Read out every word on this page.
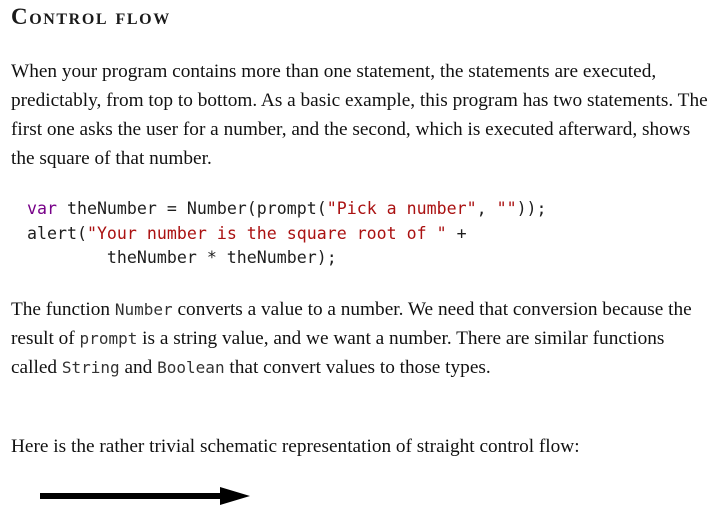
Control flow

When your program contains more than one statement, the statements are executed, predictably, from top to bottom. As a basic example, this program has two statements. The first one asks the user for a number, and the second, which is executed afterward, shows the square of that number.

var theNumber = Number(prompt("Pick a number", ""));
alert("Your number is the square root of " +
theNumber * theNumber);

The function Number converts a value to a number. We need that conversion because the result of prompt is a string value, and we want a number. There are similar functions called String and Boolean that convert values to those types.

Here is the rather trivial schematic representation of straight control flow:
